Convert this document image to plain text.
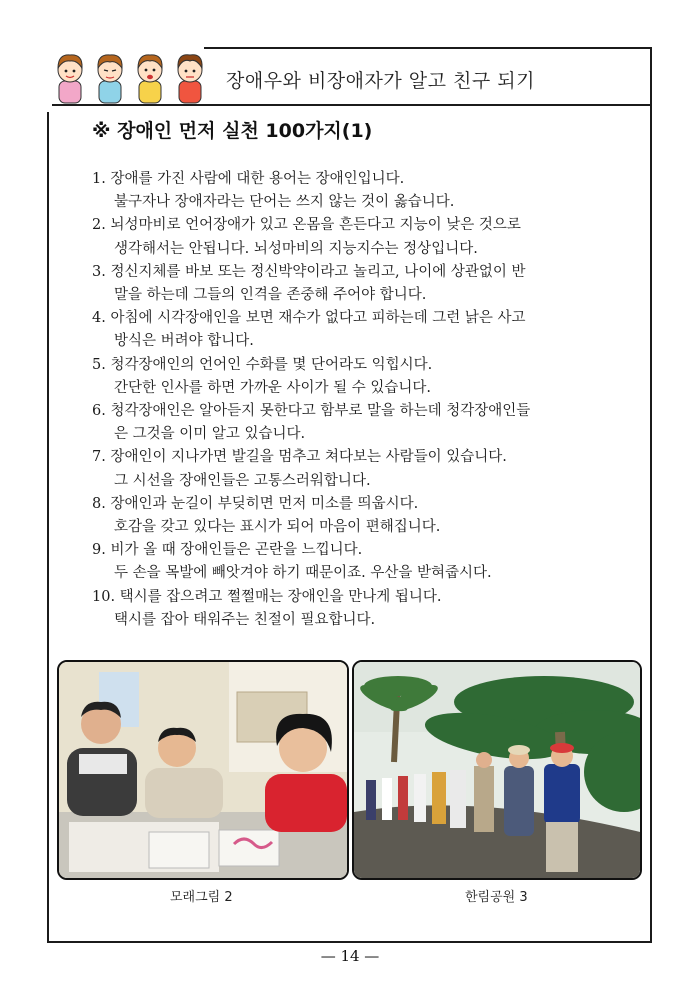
장애우와 비장애자가 알고 친구 되기
※ 장애인 먼저 실천 100가지(1)
1. 장애를 가진 사람에 대한 용어는 장애인입니다.
불구자나 장애자라는 단어는 쓰지 않는 것이 옳습니다.
2. 뇌성마비로 언어장애가 있고 온몸을 흔든다고 지능이 낮은 것으로
생각해서는 안됩니다. 뇌성마비의 지능지수는 정상입니다.
3. 정신지체를 바보 또는 정신박약이라고 놀리고, 나이에 상관없이 반
말을 하는데 그들의 인격을 존중해 주어야 합니다.
4. 아침에 시각장애인을 보면 재수가 없다고 피하는데 그런 낡은 사고
방식은 버려야 합니다.
5. 청각장애인의 언어인 수화를 몇 단어라도 익힙시다.
간단한 인사를 하면 가까운 사이가 될 수 있습니다.
6. 청각장애인은 알아듣지 못한다고 함부로 말을 하는데 청각장애인들
은 그것을 이미 알고 있습니다.
7. 장애인이 지나가면 발길을 멈추고 쳐다보는 사람들이 있습니다.
그 시선을 장애인들은 고통스러워합니다.
8. 장애인과 눈길이 부딪히면 먼저 미소를 띄웁시다.
호감을 갖고 있다는 표시가 되어 마음이 편해집니다.
9. 비가 올 때 장애인들은 곤란을 느낍니다.
두 손을 목발에 빼앗겨야 하기 때문이죠. 우산을 받혀줍시다.
10. 택시를 잡으려고 쩔쩔매는 장애인을 만나게 됩니다.
택시를 잡아 태워주는 친절이 필요합니다.
모래그림 2	한림공원 3
— 14 —
